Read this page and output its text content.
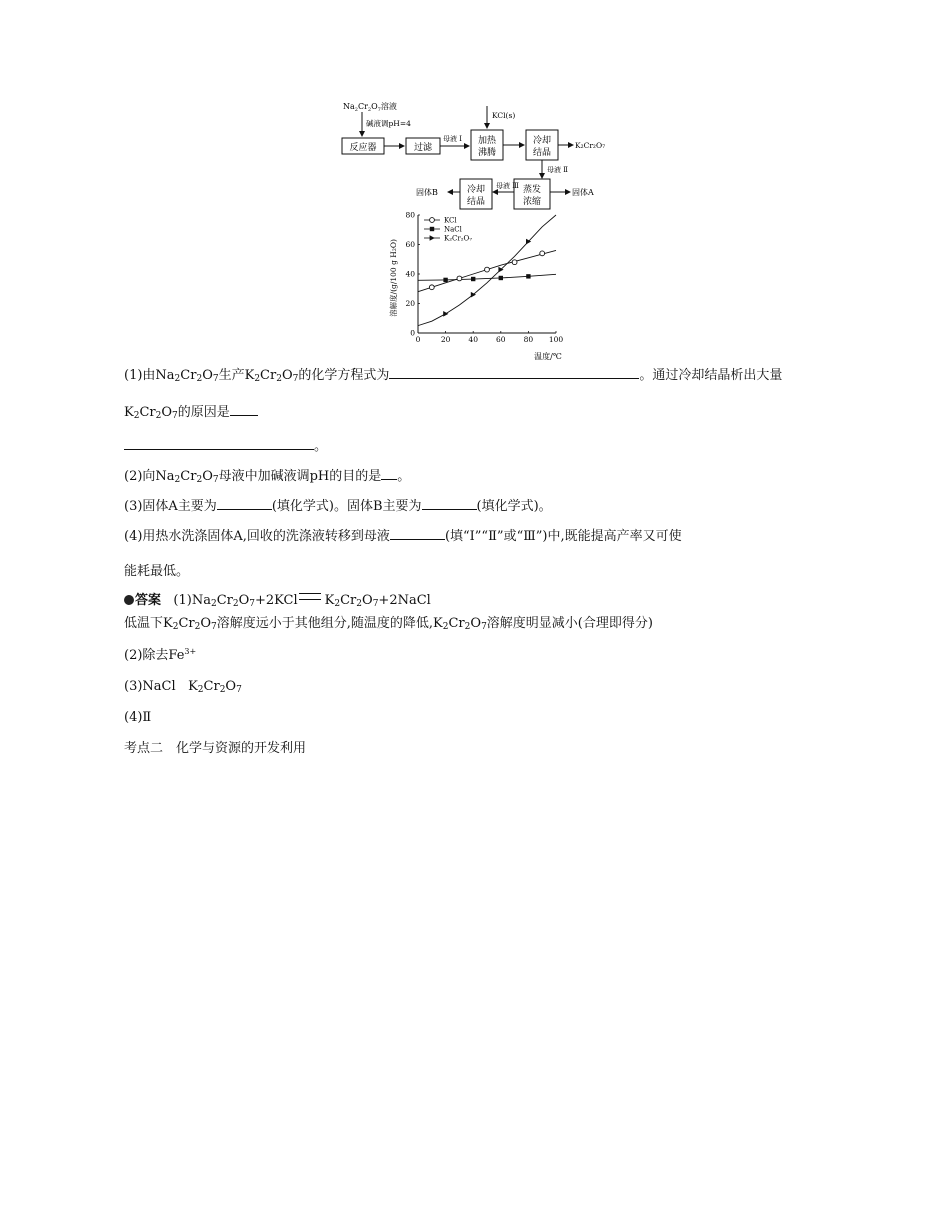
$Na_2Cr_2O_7$溶液
碱液调pH=4
KCl(s)
反应器	过滤
母液 Ⅰ 加热
沸腾
冷却
结晶
K₂Cr₂O₇
母液 Ⅱ
蒸发
浓缩
固体A
母液 Ⅲ
冷却
结晶
固体B
0	20 40 60 80 100
0
20
40
60
80
KCl
NaCl
K₂Cr₂O₇
溶解度/(g/100 g H₂O)
温度/℃
(1)由$Na_2Cr_2O_7$生产$K_2Cr_2O_7$的化学方程式为	。通过冷却结晶析出大量
$K_2Cr_2O_7$的原因是
。
(2)向$Na_2Cr_2O_7$母液中加碱液调pH的目的是 。
(3)固体A主要为	(填化学式)。固体B主要为	(填化学式)。
(4)用热水洗涤固体A,回收的洗涤液转移到母液	(填“Ⅰ”“Ⅱ”或“Ⅲ”)中,既能提高产率又可使
能耗最低。
答案 $(1)Na_2Cr_2O_7+2KCl$ $K_2Cr_2O_7+2NaCl$
低温下$K_2Cr_2O_7$溶解度远小于其他组分,随温度的降低$,K_2Cr_2O_7$溶解度明显减小(合理即得分)
(2)除去$Fe^{3+}$
(3)NaCl $K_2Cr_2O_7$
(4)Ⅱ
考点二　化学与资源的开发利用
